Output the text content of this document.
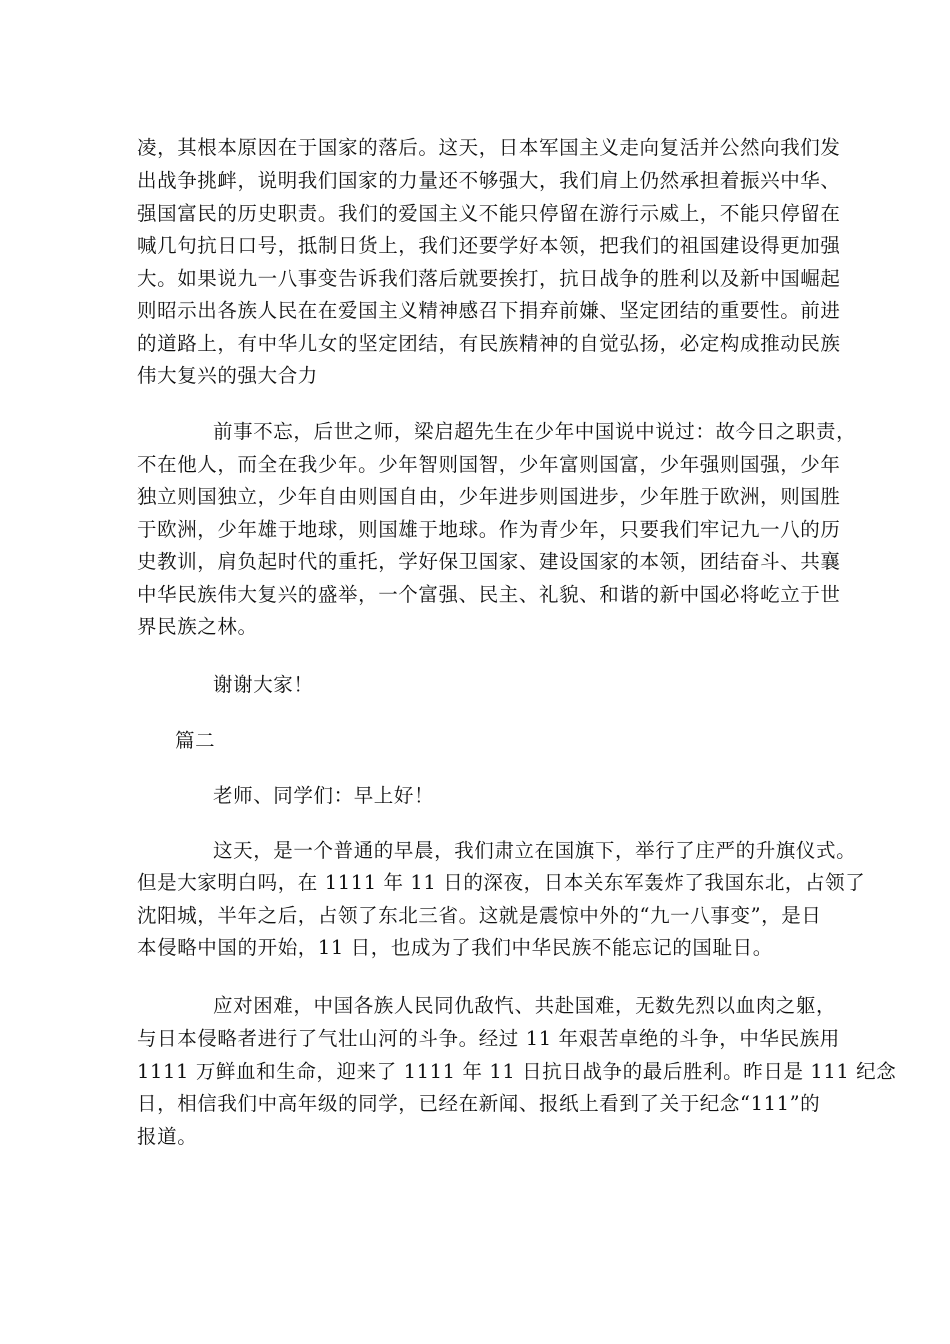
凌，其根本原因在于国家的落后。这天，日本军国主义走向复活并公然向我们发
出战争挑衅，说明我们国家的力量还不够强大，我们肩上仍然承担着振兴中华、
强国富民的历史职责。我们的爱国主义不能只停留在游行示威上，不能只停留在
喊几句抗日口号，抵制日货上，我们还要学好本领，把我们的祖国建设得更加强
大。如果说九一八事变告诉我们落后就要挨打，抗日战争的胜利以及新中国崛起
则昭示出各族人民在在爱国主义精神感召下捐弃前嫌、坚定团结的重要性。前进
的道路上，有中华儿女的坚定团结，有民族精神的自觉弘扬，必定构成推动民族
伟大复兴的强大合力
前事不忘，后世之师，梁启超先生在少年中国说中说过：故今日之职责，
不在他人，而全在我少年。少年智则国智，少年富则国富，少年强则国强，少年
独立则国独立，少年自由则国自由，少年进步则国进步，少年胜于欧洲，则国胜
于欧洲，少年雄于地球，则国雄于地球。作为青少年，只要我们牢记九一八的历
史教训，肩负起时代的重托，学好保卫国家、建设国家的本领，团结奋斗、共襄
中华民族伟大复兴的盛举，一个富强、民主、礼貌、和谐的新中国必将屹立于世
界民族之林。
谢谢大家！
篇二
老师、同学们：早上好！
这天，是一个普通的早晨，我们肃立在国旗下，举行了庄严的升旗仪式。
但是大家明白吗，在 1111 年 11 日的深夜，日本关东军轰炸了我国东北，占领了
沈阳城，半年之后，占领了东北三省。这就是震惊中外的“九一八事变”，是日
本侵略中国的开始，11 日，也成为了我们中华民族不能忘记的国耻日。
应对困难，中国各族人民同仇敌忾、共赴国难，无数先烈以血肉之躯，
与日本侵略者进行了气壮山河的斗争。经过 11 年艰苦卓绝的斗争，中华民族用
1111 万鲜血和生命，迎来了 1111 年 11 日抗日战争的最后胜利。昨日是 111 纪念
日，相信我们中高年级的同学，已经在新闻、报纸上看到了关于纪念“111”的
报道。
